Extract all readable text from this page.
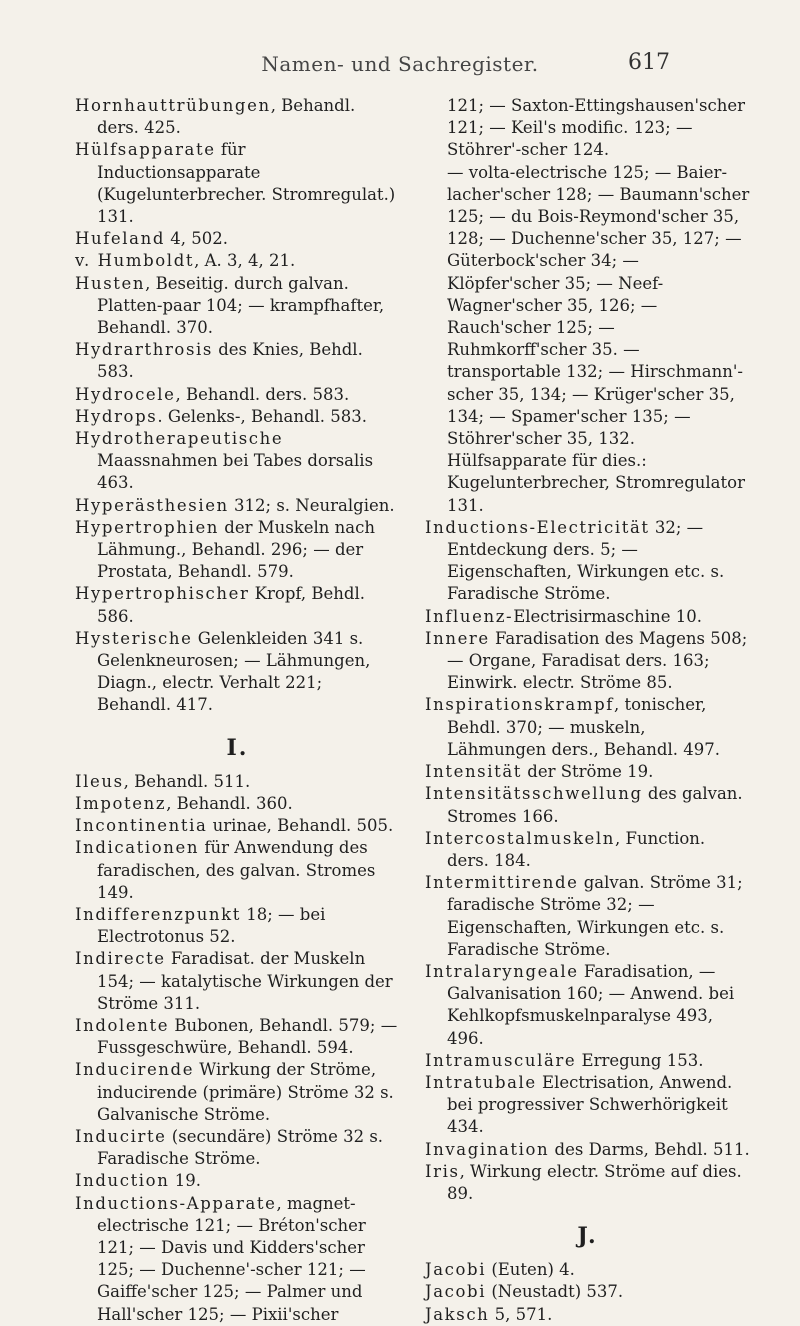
Namen- und Sachregister.	617

Hornhauttrübungen, Behandl. ders. 425.

Hülfsapparate für Inductionsapparate (Kugelunterbrecher. Stromregulat.) 131.

Hufeland 4, 502.

v. Humboldt, A. 3, 4, 21.

Husten, Beseitig. durch galvan. Platten-paar 104; — krampfhafter, Behandl. 370.

Hydrarthrosis des Knies, Behdl. 583.

Hydrocele, Behandl. ders. 583.

Hydrops. Gelenks-, Behandl. 583.

Hydrotherapeutische Maassnahmen bei Tabes dorsalis 463.

Hyperästhesien 312; s. Neuralgien.

Hypertrophien der Muskeln nach Lähmung., Behandl. 296; — der Prostata, Behandl. 579.

Hypertrophischer Kropf, Behdl. 586.

Hysterische Gelenkleiden 341 s. Gelenkneurosen; — Lähmungen, Diagn., electr. Verhalt 221; Behandl. 417.

I.

Ileus, Behandl. 511.

Impotenz, Behandl. 360.

Incontinentia urinae, Behandl. 505.

Indicationen für Anwendung des faradischen, des galvan. Stromes 149.

Indifferenzpunkt 18; — bei Electrotonus 52.

Indirecte Faradisat. der Muskeln 154; — katalytische Wirkungen der Ströme 311.

Indolente Bubonen, Behandl. 579; — Fussgeschwüre, Behandl. 594.

Inducirende Wirkung der Ströme, inducirende (primäre) Ströme 32 s. Galvanische Ströme.

Inducirte (secundäre) Ströme 32 s. Faradische Ströme.

Induction 19.

Inductions-Apparate, magnet-electrische 121; — Bréton'scher 121; — Davis und Kidders'scher 125; — Duchenne'-scher 121; — Gaiffe'scher 125; — Palmer und Hall'scher 125; — Pixii'scher

121; — Saxton-Ettingshausen'scher 121; — Keil's modific. 123; — Stöhrer'-scher 124.

— volta-electrische 125; — Baier-lacher'scher 128; — Baumann'scher 125; — du Bois-Reymond'scher 35, 128; — Duchenne'scher 35, 127; — Güterbock'scher 34; — Klöpfer'scher 35; — Neef-Wagner'scher 35, 126; — Rauch'scher 125; — Ruhmkorff'scher 35. — transportable 132; — Hirschmann'-scher 35, 134; — Krüger'scher 35, 134; — Spamer'scher 135; — Stöhrer'scher 35, 132.

Hülfsapparate für dies.: Kugelunterbrecher, Stromregulator 131.

Inductions-Electricität 32; — Entdeckung ders. 5; — Eigenschaften, Wirkungen etc. s. Faradische Ströme.

Influenz-Electrisirmaschine 10.

Innere Faradisation des Magens 508; — Organe, Faradisat ders. 163; Einwirk. electr. Ströme 85.

Inspirationskrampf, tonischer, Behdl. 370; — muskeln, Lähmungen ders., Behandl. 497.

Intensität der Ströme 19.

Intensitätsschwellung des galvan. Stromes 166.

Intercostalmuskeln, Function. ders. 184.

Intermittirende galvan. Ströme 31; faradische Ströme 32; — Eigenschaften, Wirkungen etc. s. Faradische Ströme.

Intralaryngeale Faradisation, — Galvanisation 160; — Anwend. bei Kehlkopfsmuskelnparalyse 493, 496.

Intramusculäre Erregung 153.

Intratubale Electrisation, Anwend. bei progressiver Schwerhörigkeit 434.

Invagination des Darms, Behdl. 511.

Iris, Wirkung electr. Ströme auf dies. 89.

J.

Jacobi (Euten) 4.

Jacobi (Neustadt) 537.

Jaksch 5, 571.
